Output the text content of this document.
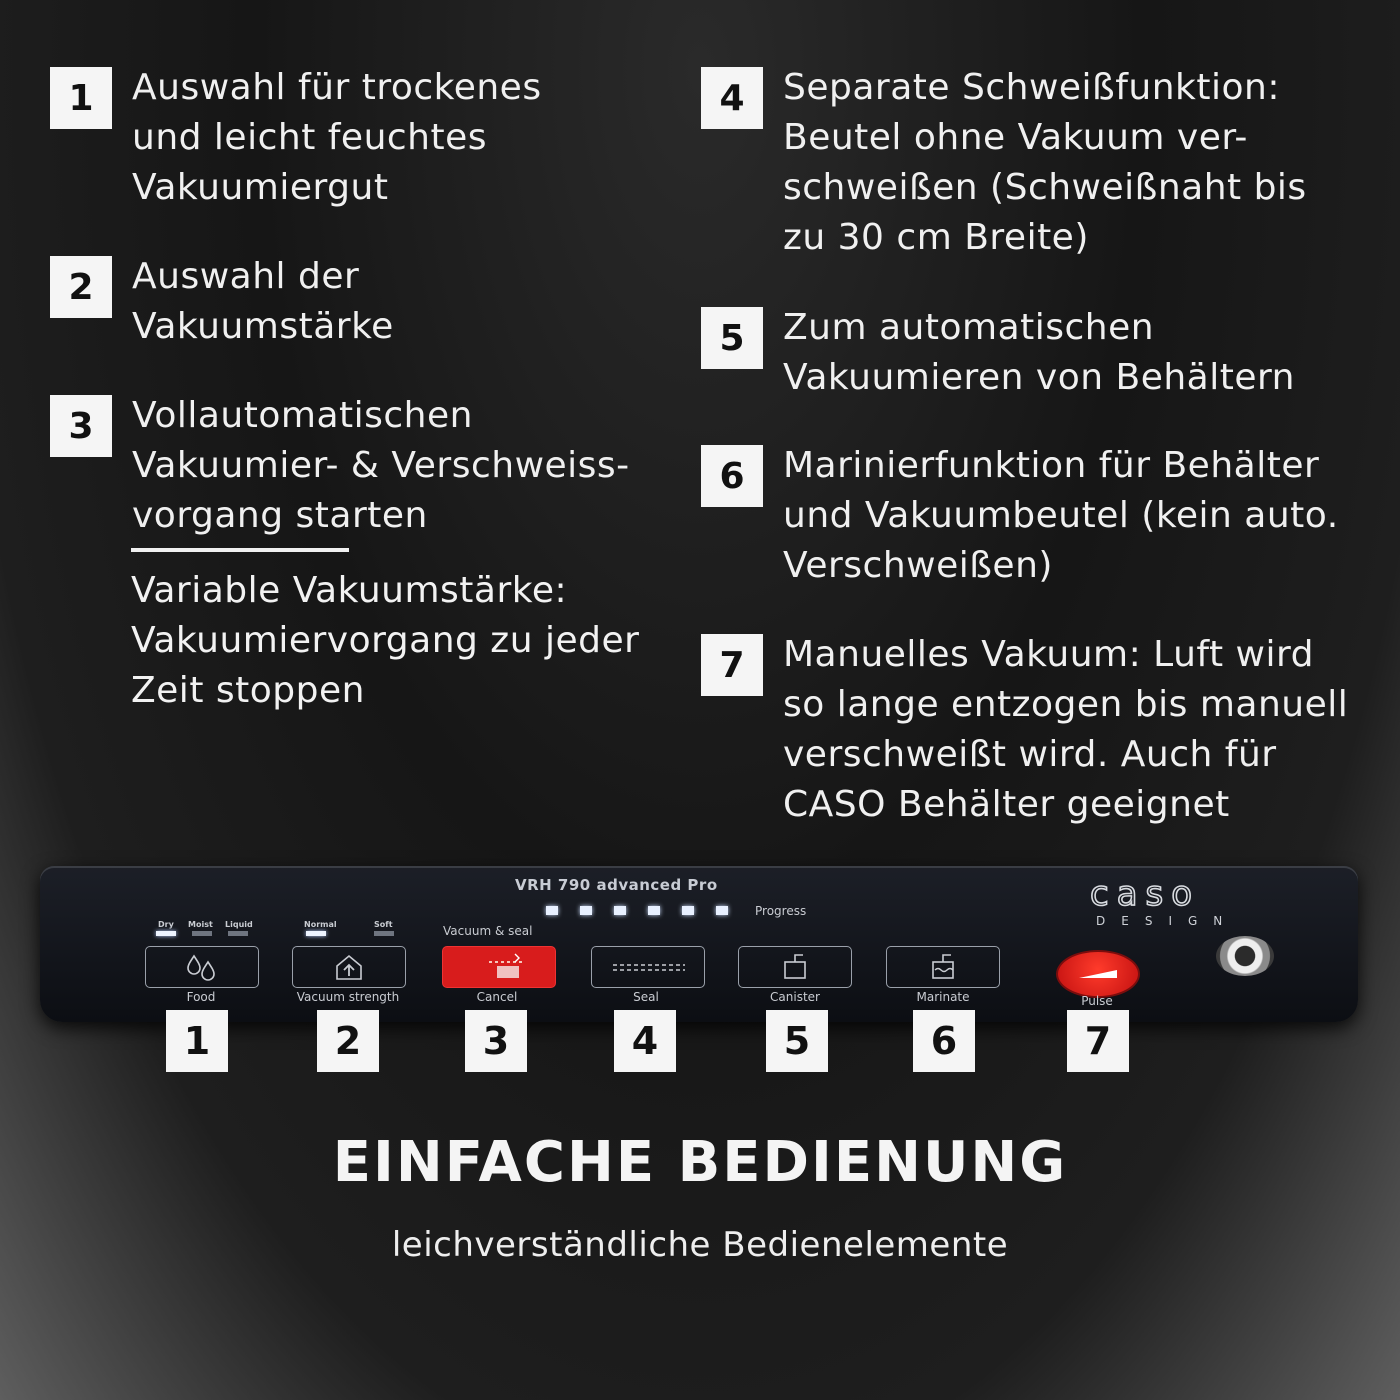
1	Auswahl für trockenes
und leicht feuchtes
Vakuumiergut
2	Auswahl der
Vakuumstärke
3	Vollautomatischen
Vakuumier- & Verschweiss-
vorgang starten
Variable Vakuumstärke:
Vakuumiervorgang zu jeder
Zeit stoppen
4	Separate Schweißfunktion:
Beutel ohne Vakuum ver-
schweißen (Schweißnaht bis
zu 30 cm Breite)
5	Zum automatischen
Vakuumieren von Behältern
6	Marinierfunktion für Behälter
und Vakuumbeutel (kein auto.
Verschweißen)
7	Manuelles Vakuum: Luft wird
so lange entzogen bis manuell
verschweißt wird. Auch für
CASO Behälter geeignet
VRH 790 advanced Pro	caso
DESIGN
Progress
Dry Moist Liquid	Normal	Soft	Vacuum & seal
Food	Vacuum strength	Cancel	Seal	Canister	Marinate	Pulse
1	2	3	4	5	6	7
EINFACHE BEDIENUNG
leichverständliche Bedienelemente
